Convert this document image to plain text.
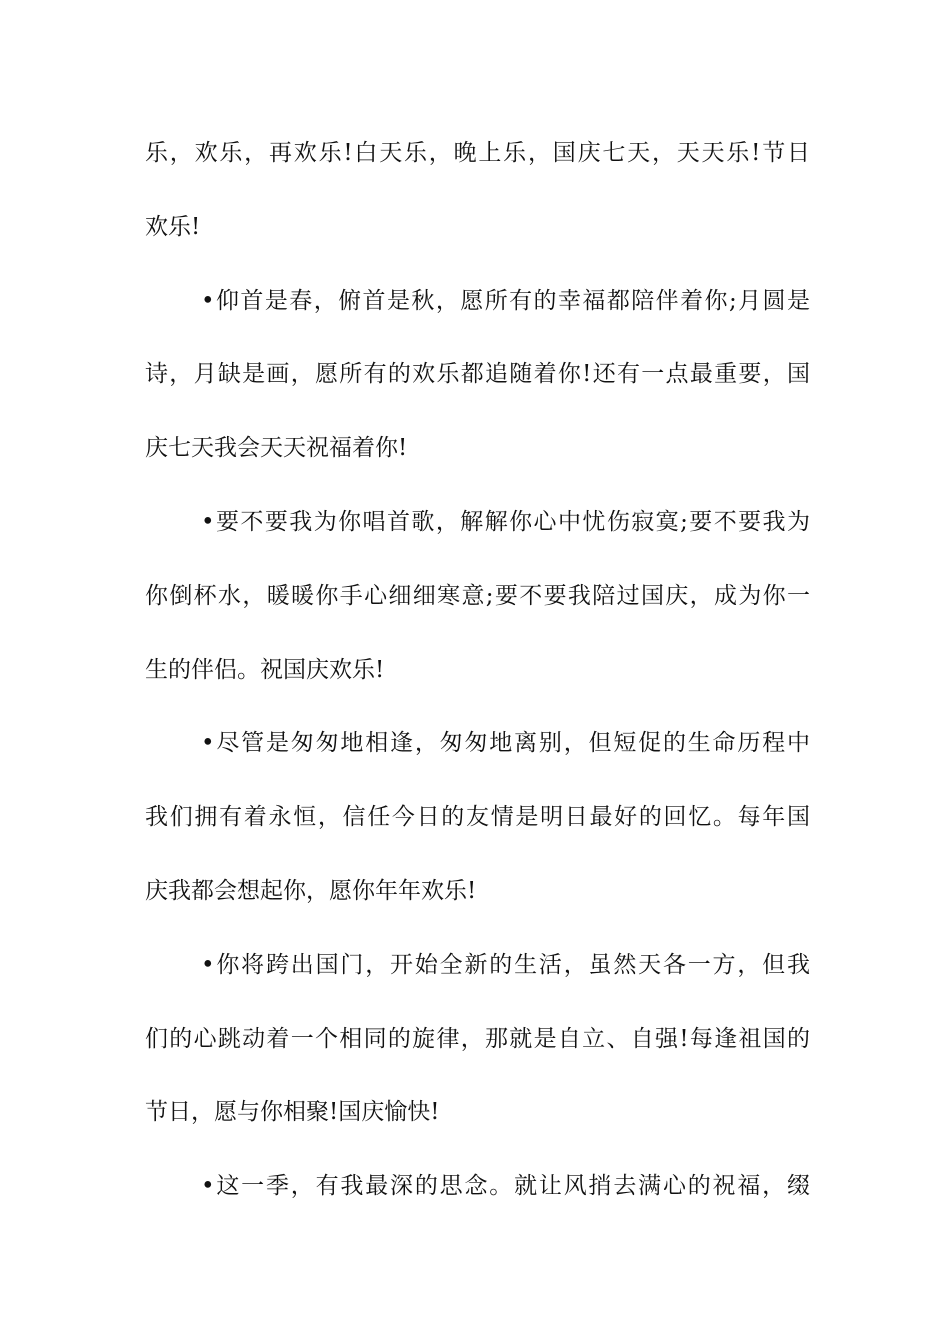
乐，欢乐，再欢乐!白天乐，晚上乐，国庆七天，天天乐!节日
欢乐!
•仰首是春，俯首是秋，愿所有的幸福都陪伴着你;月圆是
诗，月缺是画，愿所有的欢乐都追随着你!还有一点最重要，国
庆七天我会天天祝福着你!
•要不要我为你唱首歌，解解你心中忧伤寂寞;要不要我为
你倒杯水，暖暖你手心细细寒意;要不要我陪过国庆，成为你一
生的伴侣。祝国庆欢乐!
•尽管是匆匆地相逢，匆匆地离别，但短促的生命历程中
我们拥有着永恒，信任今日的友情是明日最好的回忆。每年国
庆我都会想起你，愿你年年欢乐!
•你将跨出国门，开始全新的生活，虽然天各一方，但我
们的心跳动着一个相同的旋律，那就是自立、自强!每逢祖国的
节日，愿与你相聚!国庆愉快!
•这一季，有我最深的思念。就让风捎去满心的祝福，缀
